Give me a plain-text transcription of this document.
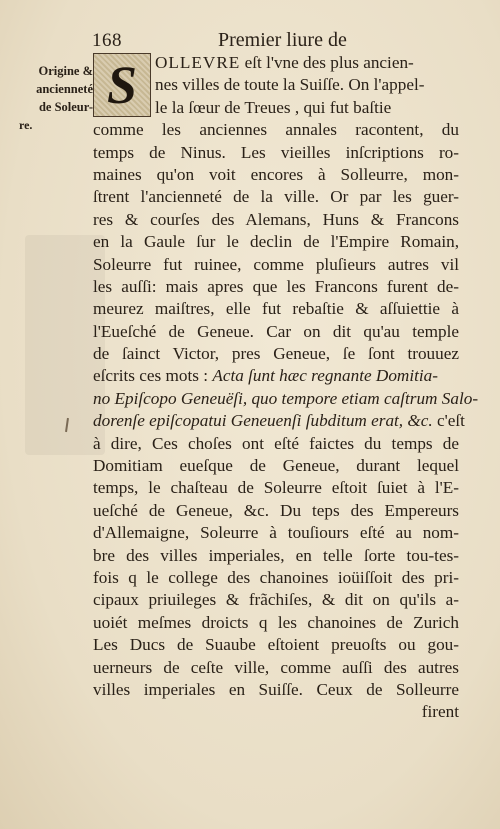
168	Premier liure de
Origine &
ancienneté
de Soleur-
re.
S	OLLEVRE eſt l'vne des plus ancien-
nes villes de toute la Suiſſe. On l'appel-
le la ſœur de Treues , qui fut baſtie
comme les anciennes annales racontent, du
temps de Ninus. Les vieilles inſcriptions ro-
maines qu'on voit encores à Solleurre, mon-
ſtrent l'ancienneté de la ville. Or par les guer-
res & courſes des Alemans, Huns & Francons
en la Gaule ſur le declin de l'Empire Romain,
Soleurre fut ruinee, comme pluſieurs autres vil
les auſſi: mais apres que les Francons furent de-
meurez maiſtres, elle fut rebaſtie & aſſuiettie à
l'Eueſché de Geneue. Car on dit qu'au temple
de ſainct Victor, pres Geneue, ſe ſont trouuez
eſcrits ces mots : Acta ſunt hæc regnante Domitia-
no Epiſcopo Geneuëſi, quo tempore etiam caſtrum Salo-
dorenſe epiſcopatui Geneuenſi ſubditum erat, &c. c'eſt
à dire, Ces choſes ont eſté faictes du temps de
Domitiam eueſque de Geneue, durant lequel
temps, le chaſteau de Soleurre eſtoit ſuiet à l'E-
ueſché de Geneue, &c. Du teps des Empereurs
d'Allemaigne, Soleurre à touſiours eſté au nom-
bre des villes imperiales, en telle ſorte tou-tes-
fois q le college des chanoines ioüiſſoit des pri-
cipaux priuileges & frãchiſes, & dit on qu'ils a-
uoiét meſmes droicts q les chanoines de Zurich
Les Ducs de Suaube eſtoient preuoſts ou gou-
uerneurs de ceſte ville, comme auſſi des autres
villes imperiales en Suiſſe. Ceux de Solleurre
firent
